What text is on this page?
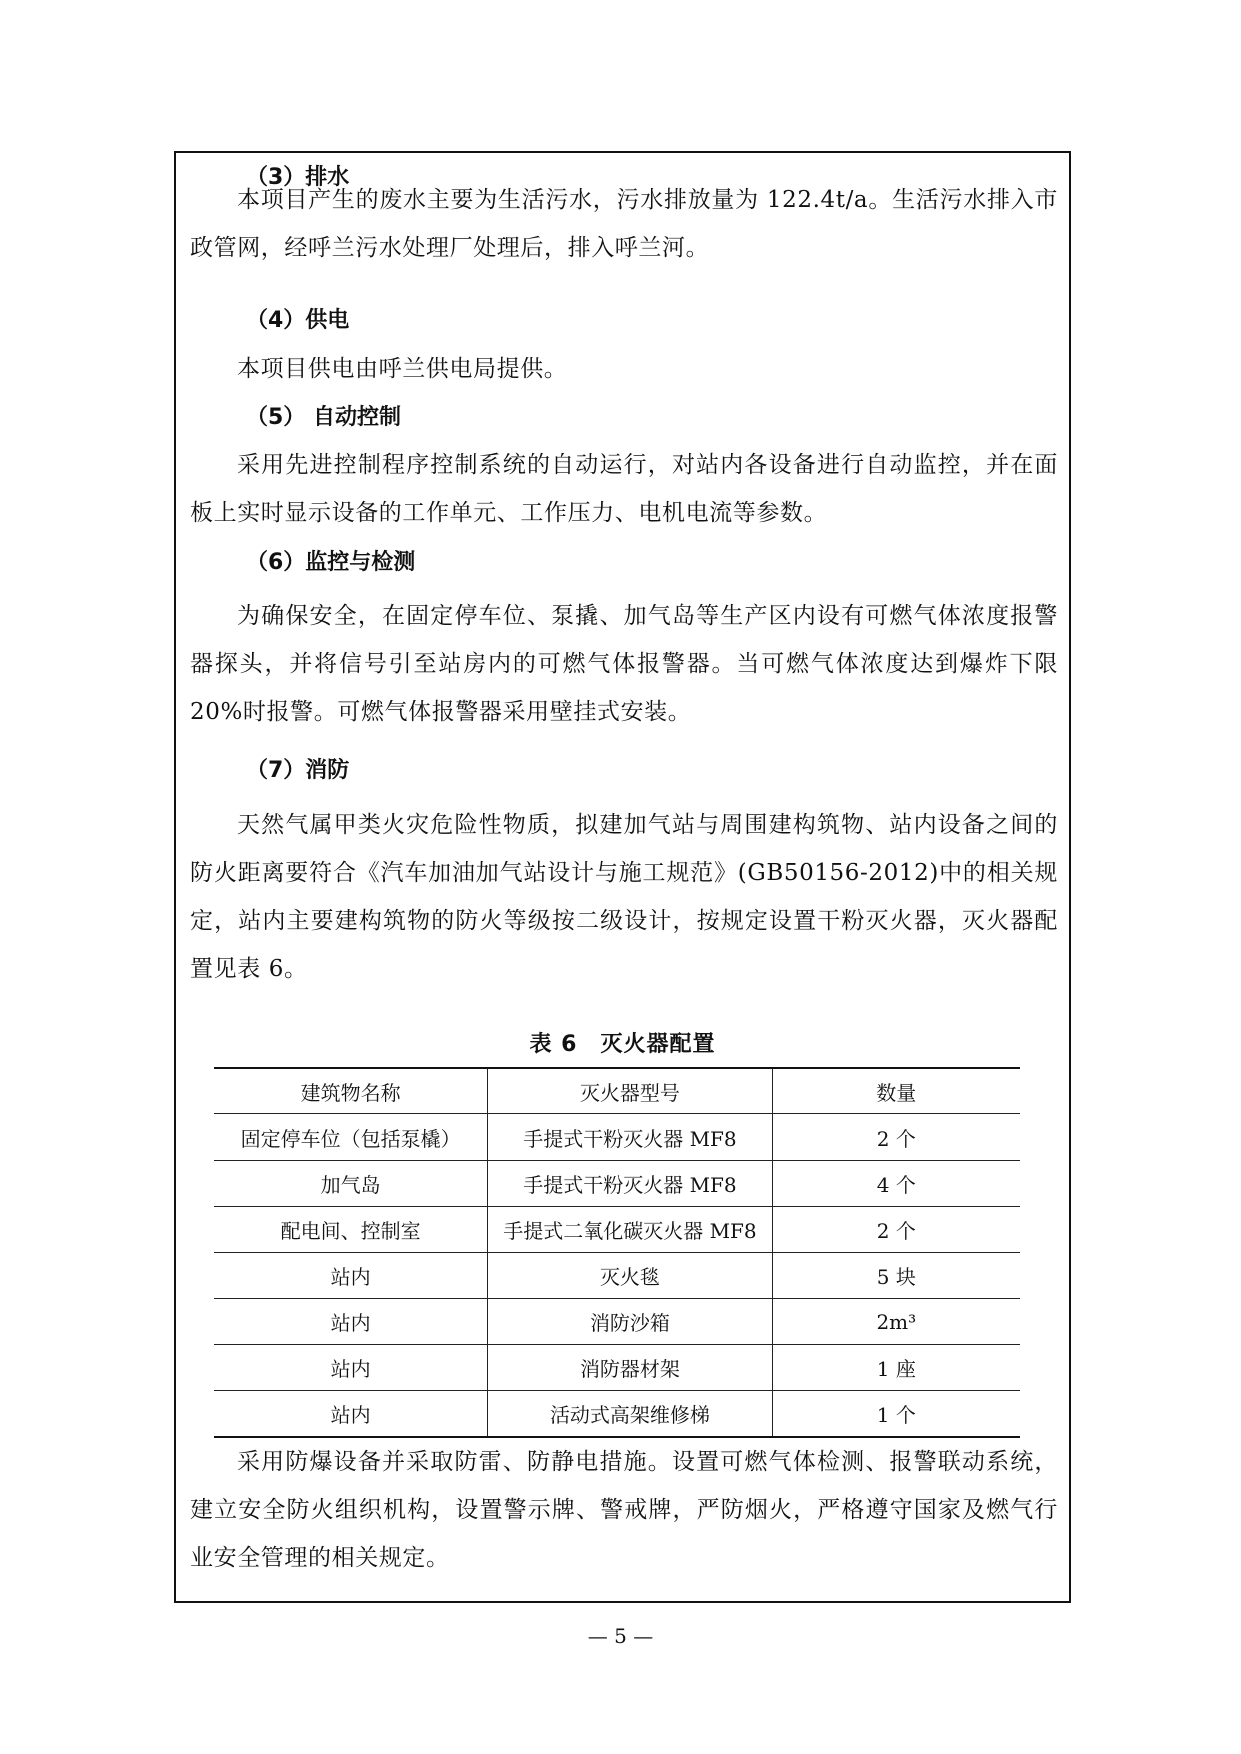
（3）排水
本项目产生的废水主要为生活污水，污水排放量为 122.4t/a。生活污水排入市政管网，经呼兰污水处理厂处理后，排入呼兰河。
（4）供电
本项目供电由呼兰供电局提供。
（5） 自动控制
采用先进控制程序控制系统的自动运行，对站内各设备进行自动监控，并在面板上实时显示设备的工作单元、工作压力、电机电流等参数。
（6）监控与检测
为确保安全，在固定停车位、泵撬、加气岛等生产区内设有可燃气体浓度报警器探头，并将信号引至站房内的可燃气体报警器。当可燃气体浓度达到爆炸下限 20%时报警。可燃气体报警器采用壁挂式安装。
（7）消防
天然气属甲类火灾危险性物质，拟建加气站与周围建构筑物、站内设备之间的防火距离要符合《汽车加油加气站设计与施工规范》(GB50156-2012)中的相关规定，站内主要建构筑物的防火等级按二级设计，按规定设置干粉灭火器，灭火器配置见表 6。
表 6　灭火器配置
建筑物名称	灭火器型号	数量
固定停车位（包括泵橇）	手提式干粉灭火器 MF8	2 个
加气岛	手提式干粉灭火器 MF8	4 个
配电间、控制室	手提式二氧化碳灭火器 MF8	2 个
站内	灭火毯	5 块
站内	消防沙箱	2m³
站内	消防器材架	1 座
站内	活动式高架维修梯	1 个
采用防爆设备并采取防雷、防静电措施。设置可燃气体检测、报警联动系统，建立安全防火组织机构，设置警示牌、警戒牌，严防烟火，严格遵守国家及燃气行业安全管理的相关规定。
— 5 —
